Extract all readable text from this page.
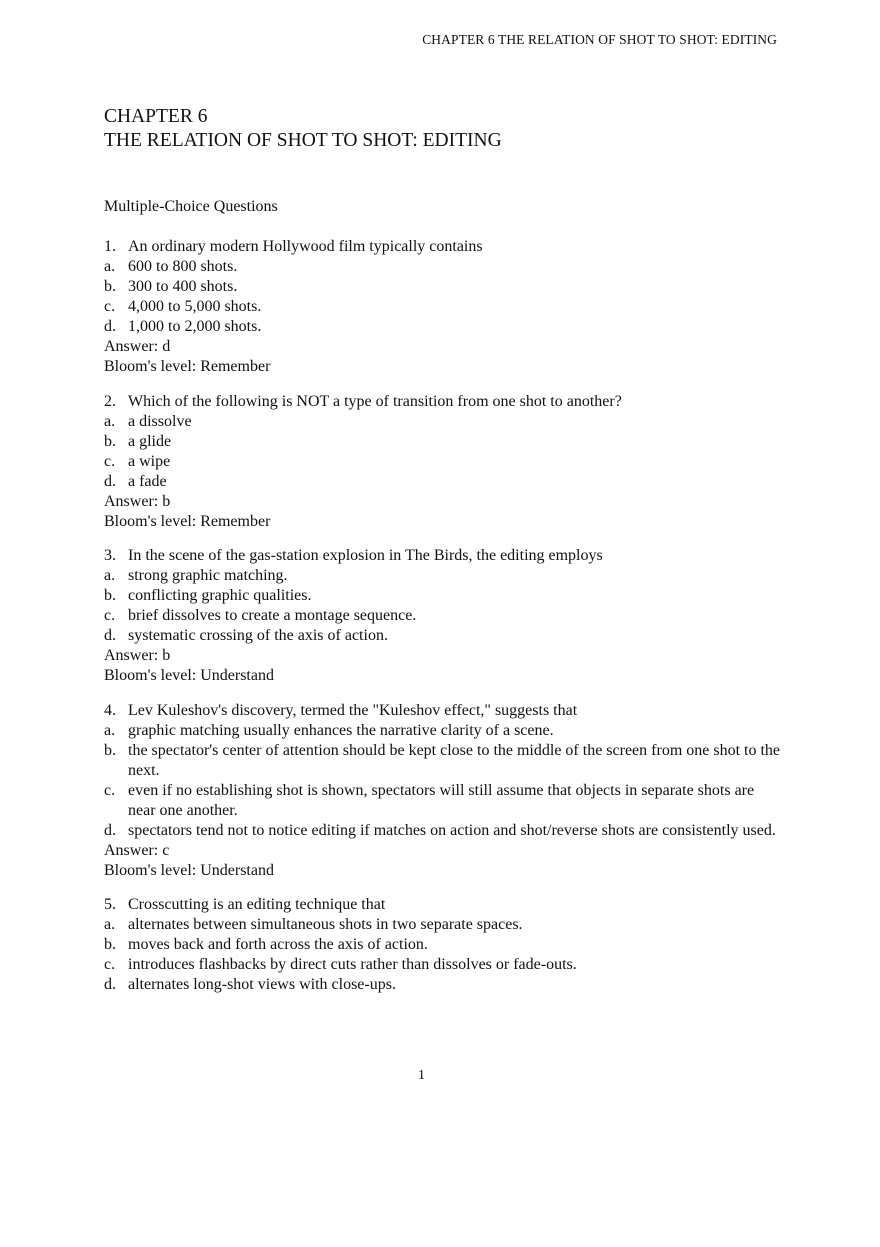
CHAPTER 6 THE RELATION OF SHOT TO SHOT: EDITING
CHAPTER 6
THE RELATION OF SHOT TO SHOT: EDITING
Multiple-Choice Questions
1. An ordinary modern Hollywood film typically contains
a. 600 to 800 shots.
b. 300 to 400 shots.
c. 4,000 to 5,000 shots.
d. 1,000 to 2,000 shots.
Answer: d
Bloom's level: Remember
2. Which of the following is NOT a type of transition from one shot to another?
a. a dissolve
b. a glide
c. a wipe
d. a fade
Answer: b
Bloom's level: Remember
3. In the scene of the gas-station explosion in The Birds, the editing employs
a. strong graphic matching.
b. conflicting graphic qualities.
c. brief dissolves to create a montage sequence.
d. systematic crossing of the axis of action.
Answer: b
Bloom's level: Understand
4. Lev Kuleshov's discovery, termed the "Kuleshov effect," suggests that
a. graphic matching usually enhances the narrative clarity of a scene.
b. the spectator's center of attention should be kept close to the middle of the screen from one shot to the next.
c. even if no establishing shot is shown, spectators will still assume that objects in separate shots are near one another.
d. spectators tend not to notice editing if matches on action and shot/reverse shots are consistently used.
Answer: c
Bloom's level: Understand
5. Crosscutting is an editing technique that
a. alternates between simultaneous shots in two separate spaces.
b. moves back and forth across the axis of action.
c. introduces flashbacks by direct cuts rather than dissolves or fade-outs.
d. alternates long-shot views with close-ups.
1
